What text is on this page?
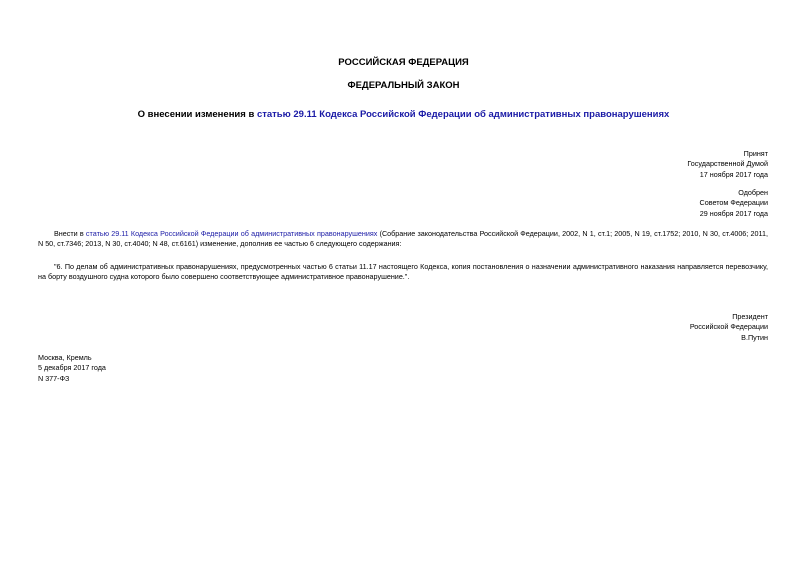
РОССИЙСКАЯ ФЕДЕРАЦИЯ
ФЕДЕРАЛЬНЫЙ ЗАКОН
О внесении изменения в статью 29.11 Кодекса Российской Федерации об административных правонарушениях
Принят
Государственной Думой
17 ноября 2017 года
Одобрен
Советом Федерации
29 ноября 2017 года
Внести в статью 29.11 Кодекса Российской Федерации об административных правонарушениях (Собрание законодательства Российской Федерации, 2002, N 1, ст.1; 2005, N 19, ст.1752; 2010, N 30, ст.4006; 2011, N 50, ст.7346; 2013, N 30, ст.4040; N 48, ст.6161) изменение, дополнив ее частью 6 следующего содержания:
"6. По делам об административных правонарушениях, предусмотренных частью 6 статьи 11.17 настоящего Кодекса, копия постановления о назначении административного наказания направляется перевозчику, на борту воздушного судна которого было совершено соответствующее административное правонарушение.".
Президент
Российской Федерации
В.Путин
Москва, Кремль
5 декабря 2017 года
N 377-ФЗ
